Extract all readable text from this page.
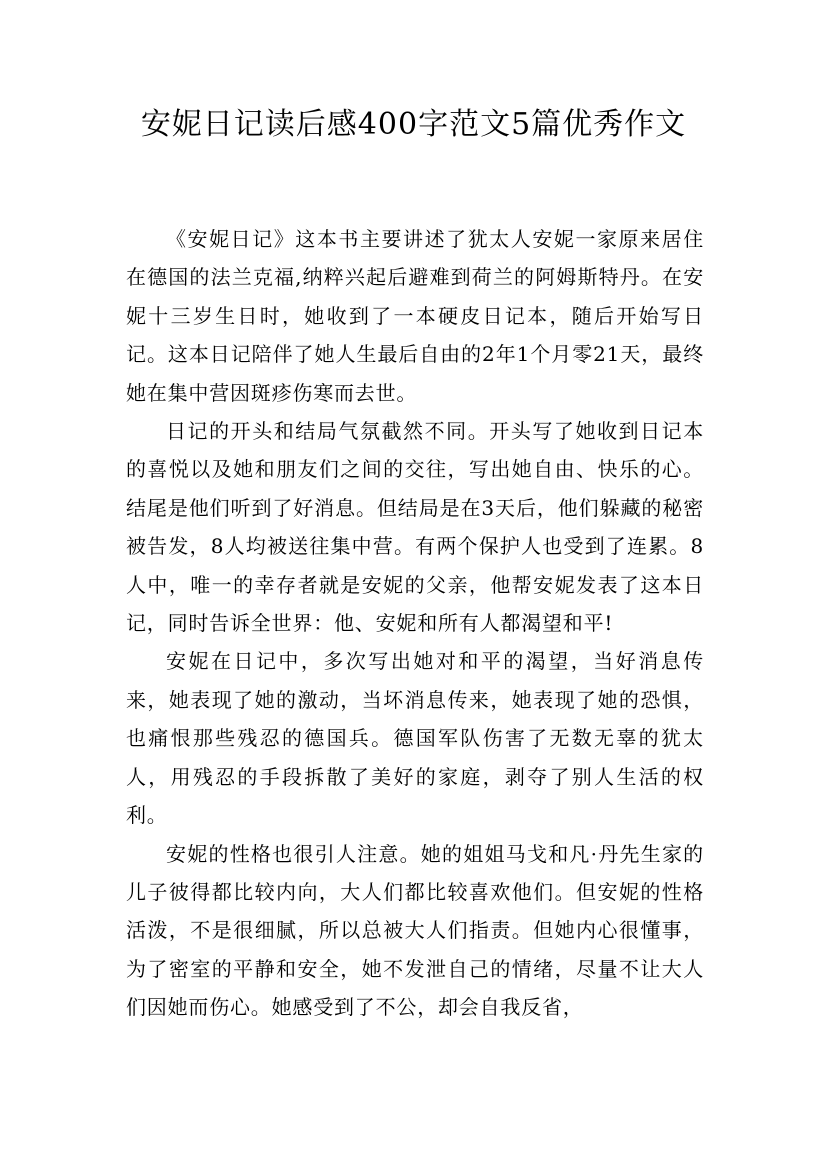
安妮日记读后感400字范文5篇优秀作文

《安妮日记》这本书主要讲述了犹太人安妮一家原来居住在德国的法兰克福,纳粹兴起后避难到荷兰的阿姆斯特丹。在安妮十三岁生日时，她收到了一本硬皮日记本，随后开始写日记。这本日记陪伴了她人生最后自由的2年1个月零21天，最终她在集中营因斑疹伤寒而去世。

日记的开头和结局气氛截然不同。开头写了她收到日记本的喜悦以及她和朋友们之间的交往，写出她自由、快乐的心。结尾是他们听到了好消息。但结局是在3天后，他们躲藏的秘密被告发，8人均被送往集中营。有两个保护人也受到了连累。8人中，唯一的幸存者就是安妮的父亲，他帮安妮发表了这本日记，同时告诉全世界：他、安妮和所有人都渴望和平!

安妮在日记中，多次写出她对和平的渴望，当好消息传来，她表现了她的激动，当坏消息传来，她表现了她的恐惧，也痛恨那些残忍的德国兵。德国军队伤害了无数无辜的犹太人，用残忍的手段拆散了美好的家庭，剥夺了别人生活的权利。

安妮的性格也很引人注意。她的姐姐马戈和凡·丹先生家的儿子彼得都比较内向，大人们都比较喜欢他们。但安妮的性格活泼，不是很细腻，所以总被大人们指责。但她内心很懂事，为了密室的平静和安全，她不发泄自己的情绪，尽量不让大人们因她而伤心。她感受到了不公，却会自我反省，
